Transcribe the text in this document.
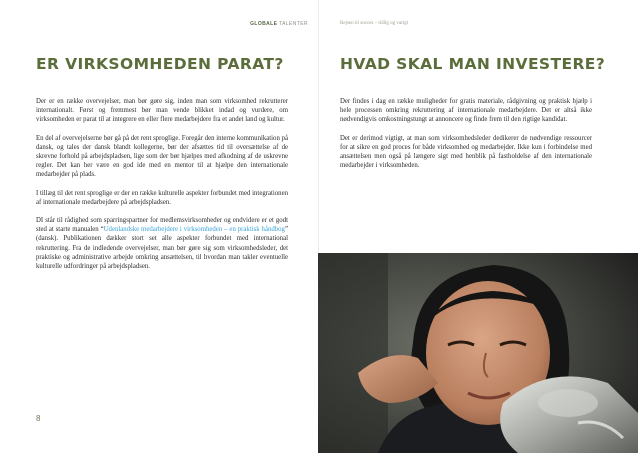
GLOBALE TALENTER	Rejsen til succes – tidlig og varigt
ER VIRKSOMHEDEN PARAT?

Der er en række overvejelser, man bør gøre sig, inden man som virksomhed rekrutterer internationalt. Først og fremmest bør man vende blikket indad og vurdere, om virksomheden er parat til at integrere en eller flere medarbejdere fra et andet land og kultur.

En del af overvejelserne bør gå på det rent sproglige. Foregår den interne kommunikation på dansk, og tales der dansk blandt kollegerne, bør der afsættes tid til oversættelse af de skrevne forhold på arbejdspladsen, lige som der bør hjælpes med afkodning af de uskrevne regler. Det kan her være en god ide med en mentor til at hjælpe den internationale medarbejder på plads.

I tillæg til det rent sproglige er der en række kulturelle aspekter forbundet med integrationen af internationale medarbejdere på arbejdspladsen.

DI står til rådighed som sparringspartner for medlemsvirksomheder og endvidere er et godt sted at starte manualen “Udenlandske medarbejdere i virksomheden – en praktisk håndbog” (dansk). Publikationen dækker stort set alle aspekter forbundet med international rekruttering. Fra de indledende overvejelser, man bør gøre sig som virksomhedsleder, det praktiske og administrative arbejde omkring ansættelsen, til hvordan man takler eventuelle kulturelle udfordringer på arbejdspladsen.

8
HVAD SKAL MAN INVESTERE?

Der findes i dag en række muligheder for gratis materiale, rådgivning og praktisk hjælp i hele processen omkring rekruttering af internationale medarbejdere. Det er altså ikke nødvendigvis omkostningstungt at annoncere og finde frem til den rigtige kandidat.

Det er derimod vigtigt, at man som virksomhedsleder dedikerer de nødvendige ressourcer for at sikre en god proces for både virksomhed og medarbejder. Ikke kun i forbindelse med ansættelsen men også på længere sigt med henblik på fastholdelse af den internationale medarbejder i virksomheden.
